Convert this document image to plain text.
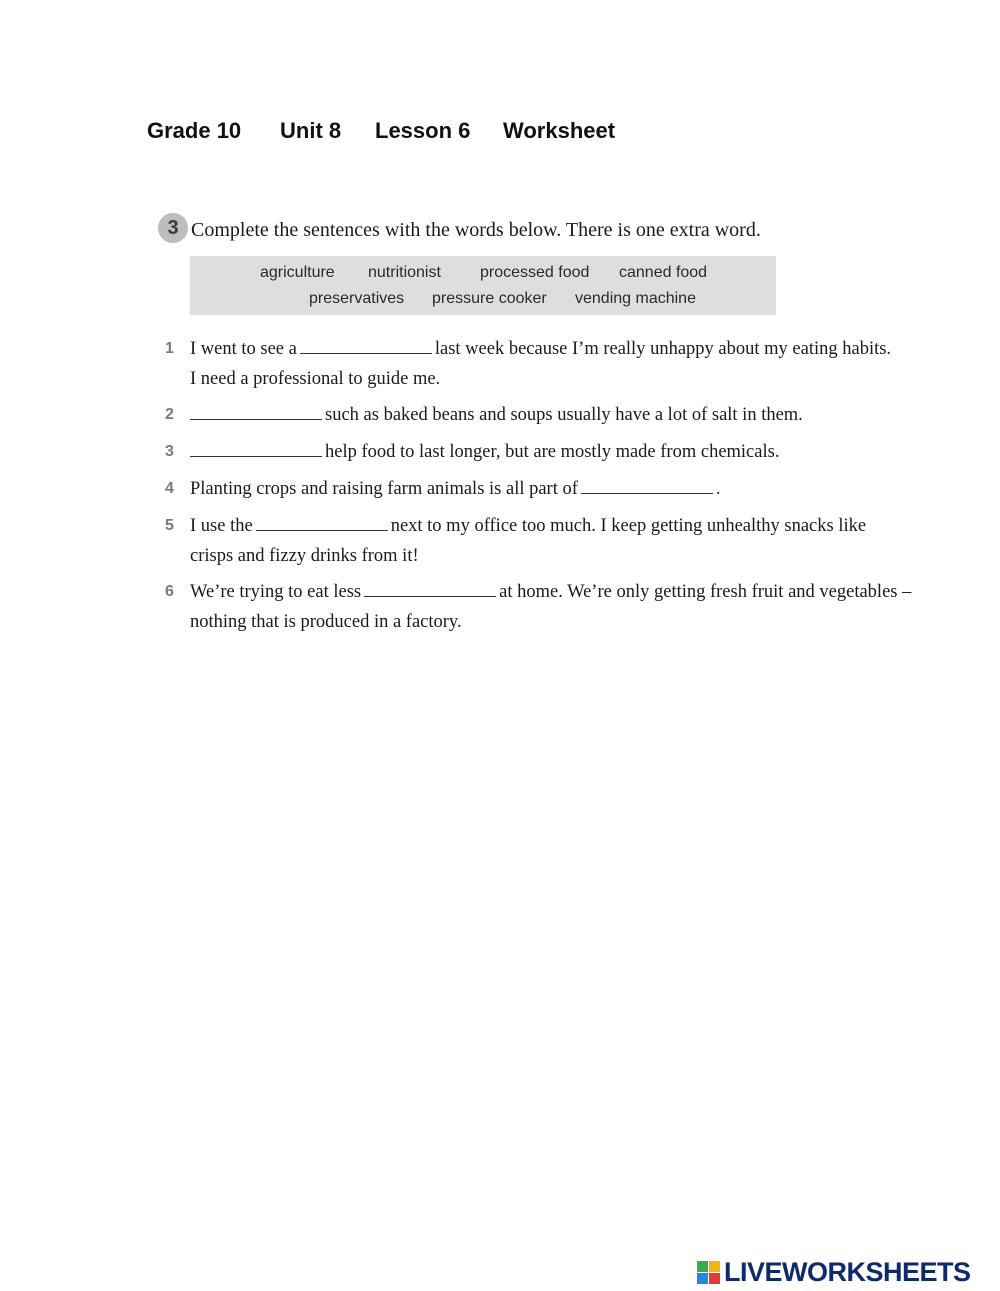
Grade 10	Unit 8	Lesson 6	Worksheet
3 Complete the sentences with the words below. There is one extra word.
agriculture nutritionist processed food canned food
preservatives pressure cooker vending machine
1 I went to see a	last week because I’m really unhappy about my eating habits.
I need a professional to guide me.
2	such as baked beans and soups usually have a lot of salt in them.
3	help food to last longer, but are mostly made from chemicals.
4 Planting crops and raising farm animals is all part of	.
5 I use the	next to my office too much. I keep getting unhealthy snacks like
crisps and fizzy drinks from it!
6 We’re trying to eat less	at home. We’re only getting fresh fruit and vegetables –
nothing that is produced in a factory.
LIVEWORKSHEETS
